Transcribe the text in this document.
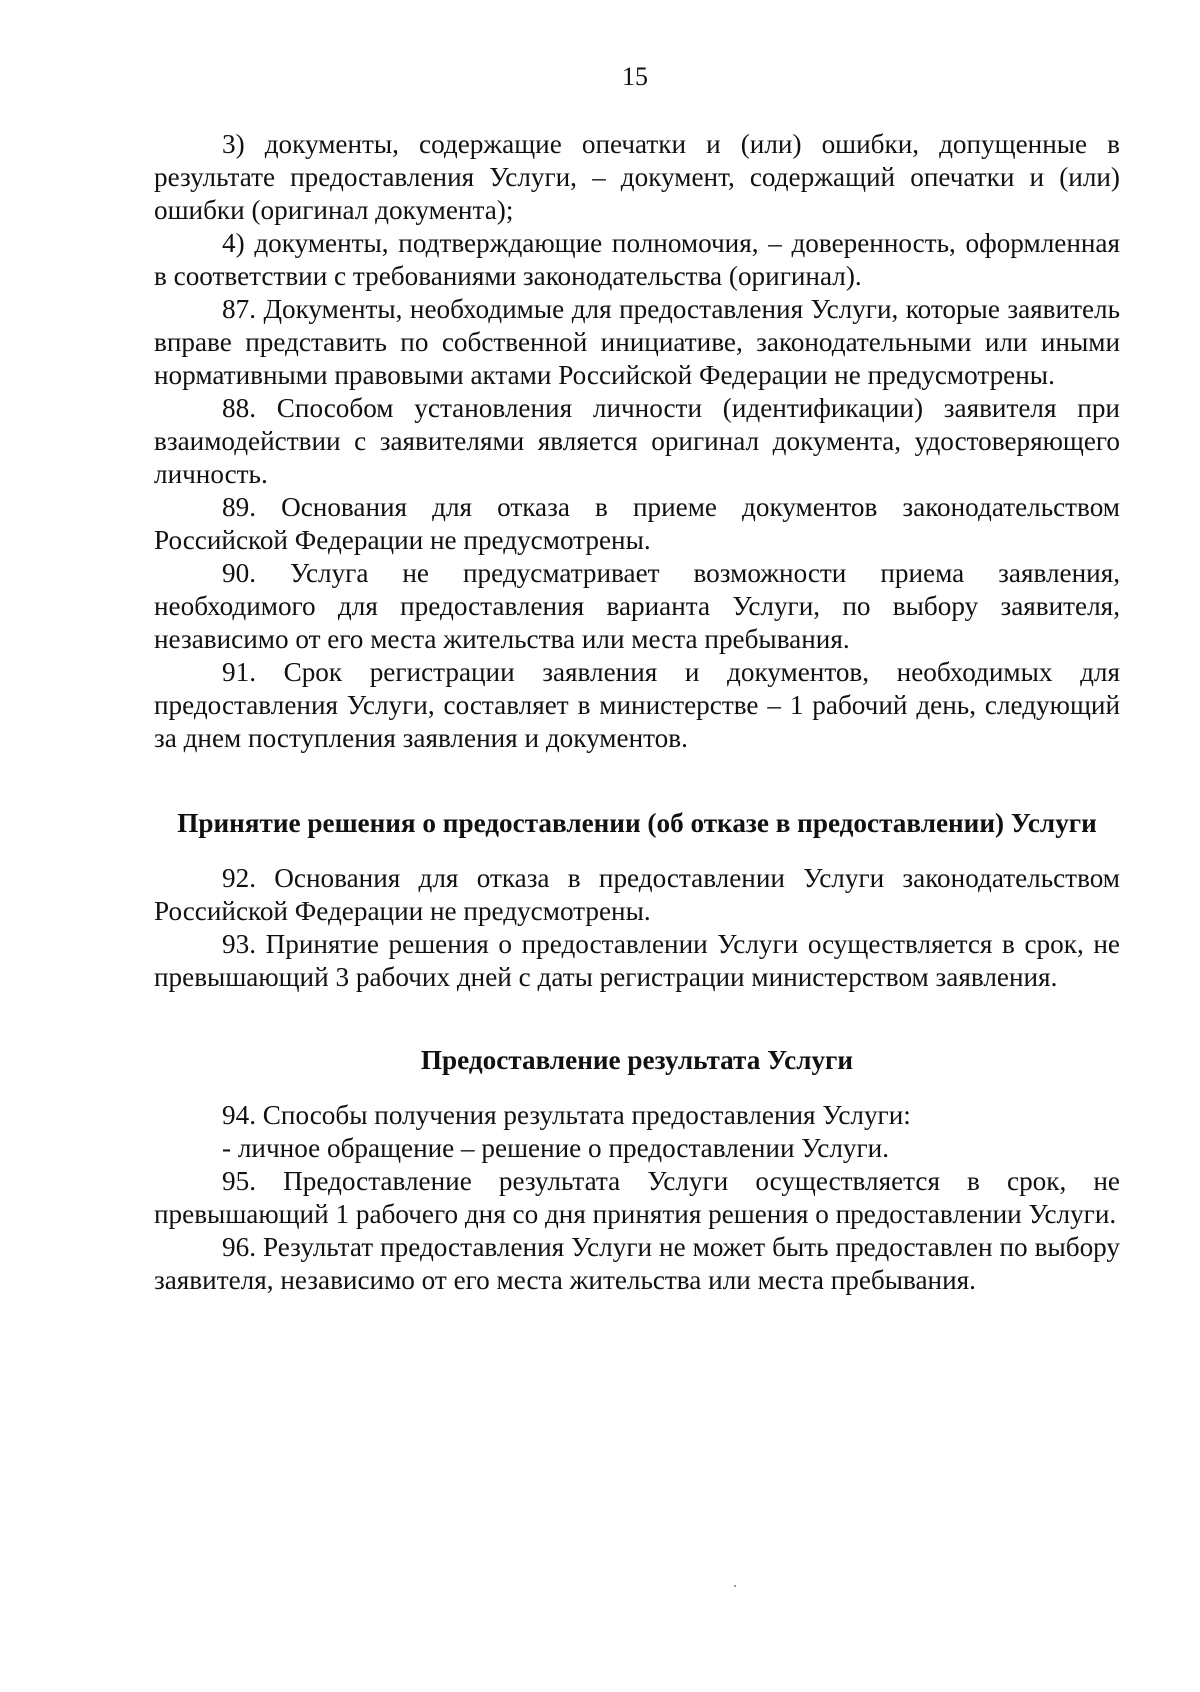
15

3) документы, содержащие опечатки и (или) ошибки, допущенные в результате предоставления Услуги, – документ, содержащий опечатки и (или) ошибки (оригинал документа);

4) документы, подтверждающие полномочия, – доверенность, оформленная в соответствии с требованиями законодательства (оригинал).

87. Документы, необходимые для предоставления Услуги, которые заявитель вправе представить по собственной инициативе, законодательными или иными нормативными правовыми актами Российской Федерации не предусмотрены.

88. Способом установления личности (идентификации) заявителя при взаимодействии с заявителями является оригинал документа, удостоверяющего личность.

89. Основания для отказа в приеме документов законодательством Российской Федерации не предусмотрены.

90. Услуга не предусматривает возможности приема заявления, необходимого для предоставления варианта Услуги, по выбору заявителя, независимо от его места жительства или места пребывания.

91. Срок регистрации заявления и документов, необходимых для предоставления Услуги, составляет в министерстве – 1 рабочий день, следующий за днем поступления заявления и документов.

Принятие решения о предоставлении (об отказе в предоставлении) Услуги

92. Основания для отказа в предоставлении Услуги законодательством Российской Федерации не предусмотрены.

93. Принятие решения о предоставлении Услуги осуществляется в срок, не превышающий 3 рабочих дней с даты регистрации министерством заявления.

Предоставление результата Услуги

94. Способы получения результата предоставления Услуги:

- личное обращение – решение о предоставлении Услуги.

95. Предоставление результата Услуги осуществляется в срок, не превышающий 1 рабочего дня со дня принятия решения о предоставлении Услуги.

96. Результат предоставления Услуги не может быть предоставлен по выбору заявителя, независимо от его места жительства или места пребывания.
